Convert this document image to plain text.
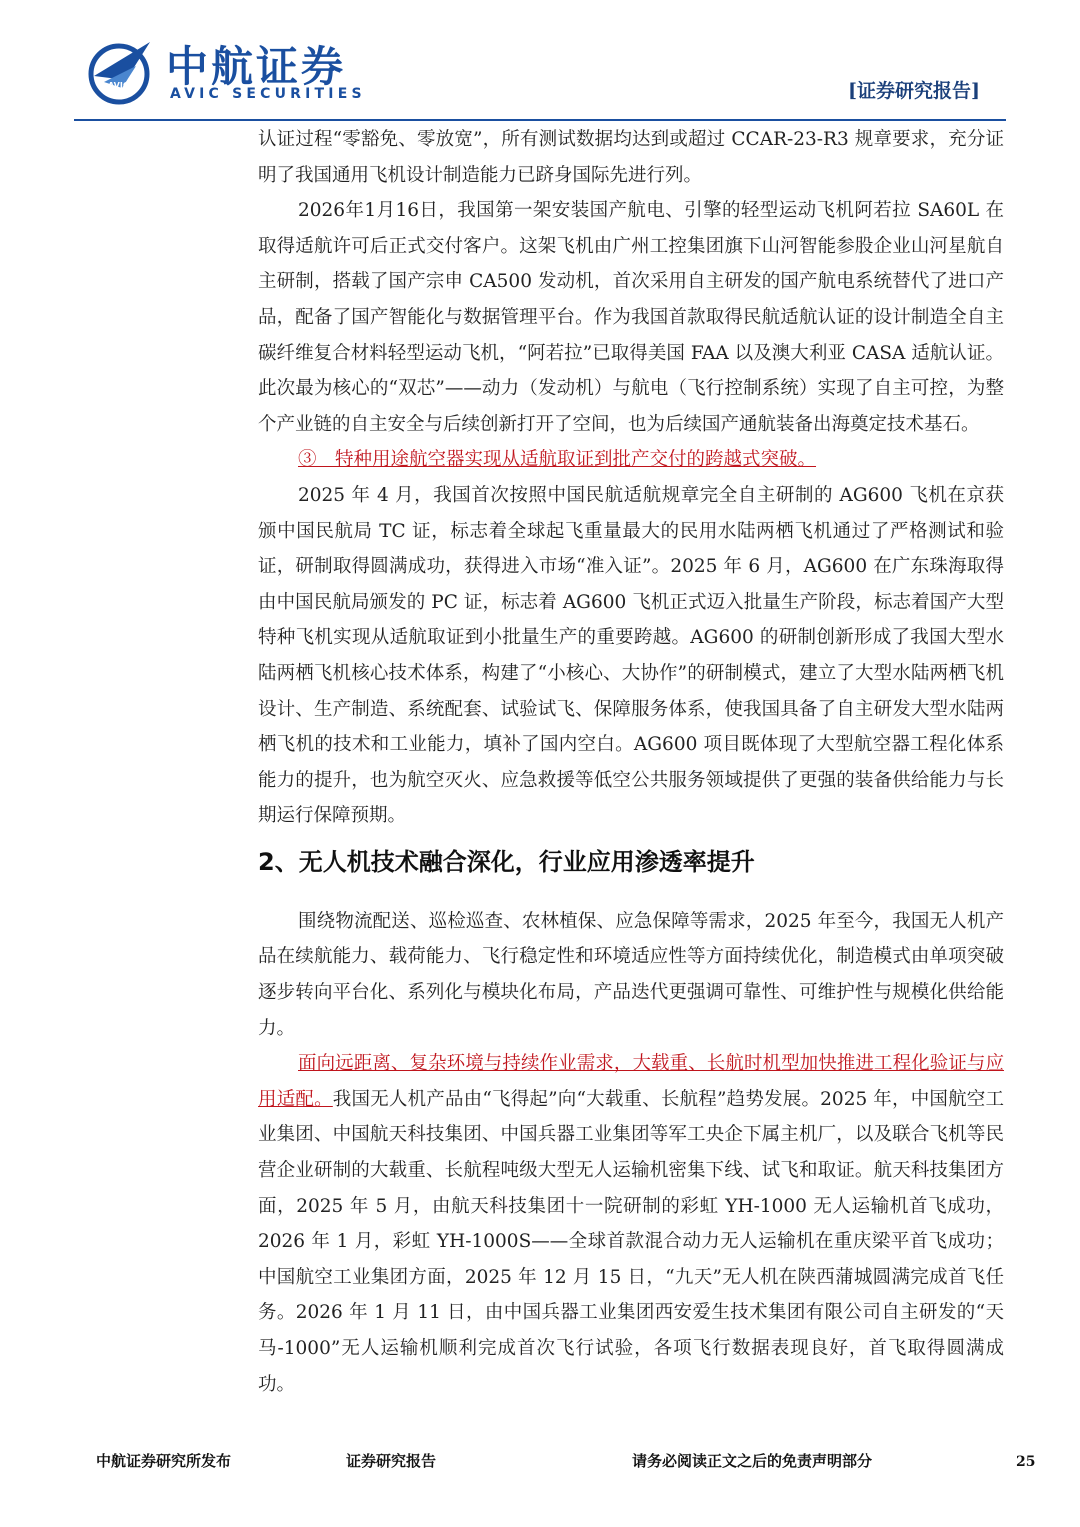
AVIC 中航证券
AVIC SECURITIES	[证券研究报告]

认证过程“零豁免、零放宽”，所有测试数据均达到或超过 CCAR-23-R3 规章要求，充分证明了我国通用飞机设计制造能力已跻身国际先进行列。

2026年1月16日，我国第一架安装国产航电、引擎的轻型运动飞机阿若拉 SA60L 在取得适航许可后正式交付客户。这架飞机由广州工控集团旗下山河智能参股企业山河星航自主研制，搭载了国产宗申 CA500 发动机，首次采用自主研发的国产航电系统替代了进口产品，配备了国产智能化与数据管理平台。作为我国首款取得民航适航认证的设计制造全自主碳纤维复合材料轻型运动飞机，“阿若拉”已取得美国 FAA 以及澳大利亚 CASA 适航认证。此次最为核心的“双芯”——动力（发动机）与航电（飞行控制系统）实现了自主可控，为整个产业链的自主安全与后续创新打开了空间，也为后续国产通航装备出海奠定技术基石。

③　特种用途航空器实现从适航取证到批产交付的跨越式突破。

2025 年 4 月，我国首次按照中国民航适航规章完全自主研制的 AG600 飞机在京获颁中国民航局 TC 证，标志着全球起飞重量最大的民用水陆两栖飞机通过了严格测试和验证，研制取得圆满成功，获得进入市场“准入证”。2025 年 6 月，AG600 在广东珠海取得由中国民航局颁发的 PC 证，标志着 AG600 飞机正式迈入批量生产阶段，标志着国产大型特种飞机实现从适航取证到小批量生产的重要跨越。AG600 的研制创新形成了我国大型水陆两栖飞机核心技术体系，构建了“小核心、大协作”的研制模式，建立了大型水陆两栖飞机设计、生产制造、系统配套、试验试飞、保障服务体系，使我国具备了自主研发大型水陆两栖飞机的技术和工业能力，填补了国内空白。AG600 项目既体现了大型航空器工程化体系能力的提升，也为航空灭火、应急救援等低空公共服务领域提供了更强的装备供给能力与长期运行保障预期。

2、无人机技术融合深化，行业应用渗透率提升

围绕物流配送、巡检巡查、农林植保、应急保障等需求，2025 年至今，我国无人机产品在续航能力、载荷能力、飞行稳定性和环境适应性等方面持续优化，制造模式由单项突破逐步转向平台化、系列化与模块化布局，产品迭代更强调可靠性、可维护性与规模化供给能力。

面向远距离、复杂环境与持续作业需求，大载重、长航时机型加快推进工程化验证与应用适配。我国无人机产品由“飞得起”向“大载重、长航程”趋势发展。2025 年，中国航空工业集团、中国航天科技集团、中国兵器工业集团等军工央企下属主机厂，以及联合飞机等民营企业研制的大载重、长航程吨级大型无人运输机密集下线、试飞和取证。航天科技集团方面，2025 年 5 月，由航天科技集团十一院研制的彩虹 YH-1000 无人运输机首飞成功，2026 年 1 月，彩虹 YH-1000S——全球首款混合动力无人运输机在重庆梁平首飞成功；中国航空工业集团方面，2025 年 12 月 15 日，“九天”无人机在陕西蒲城圆满完成首飞任务。2026 年 1 月 11 日，由中国兵器工业集团西安爱生技术集团有限公司自主研发的“天马-1000”无人运输机顺利完成首次飞行试验，各项飞行数据表现良好，首飞取得圆满成功。

中航证券研究所发布	证券研究报告	请务必阅读正文之后的免责声明部分	25
